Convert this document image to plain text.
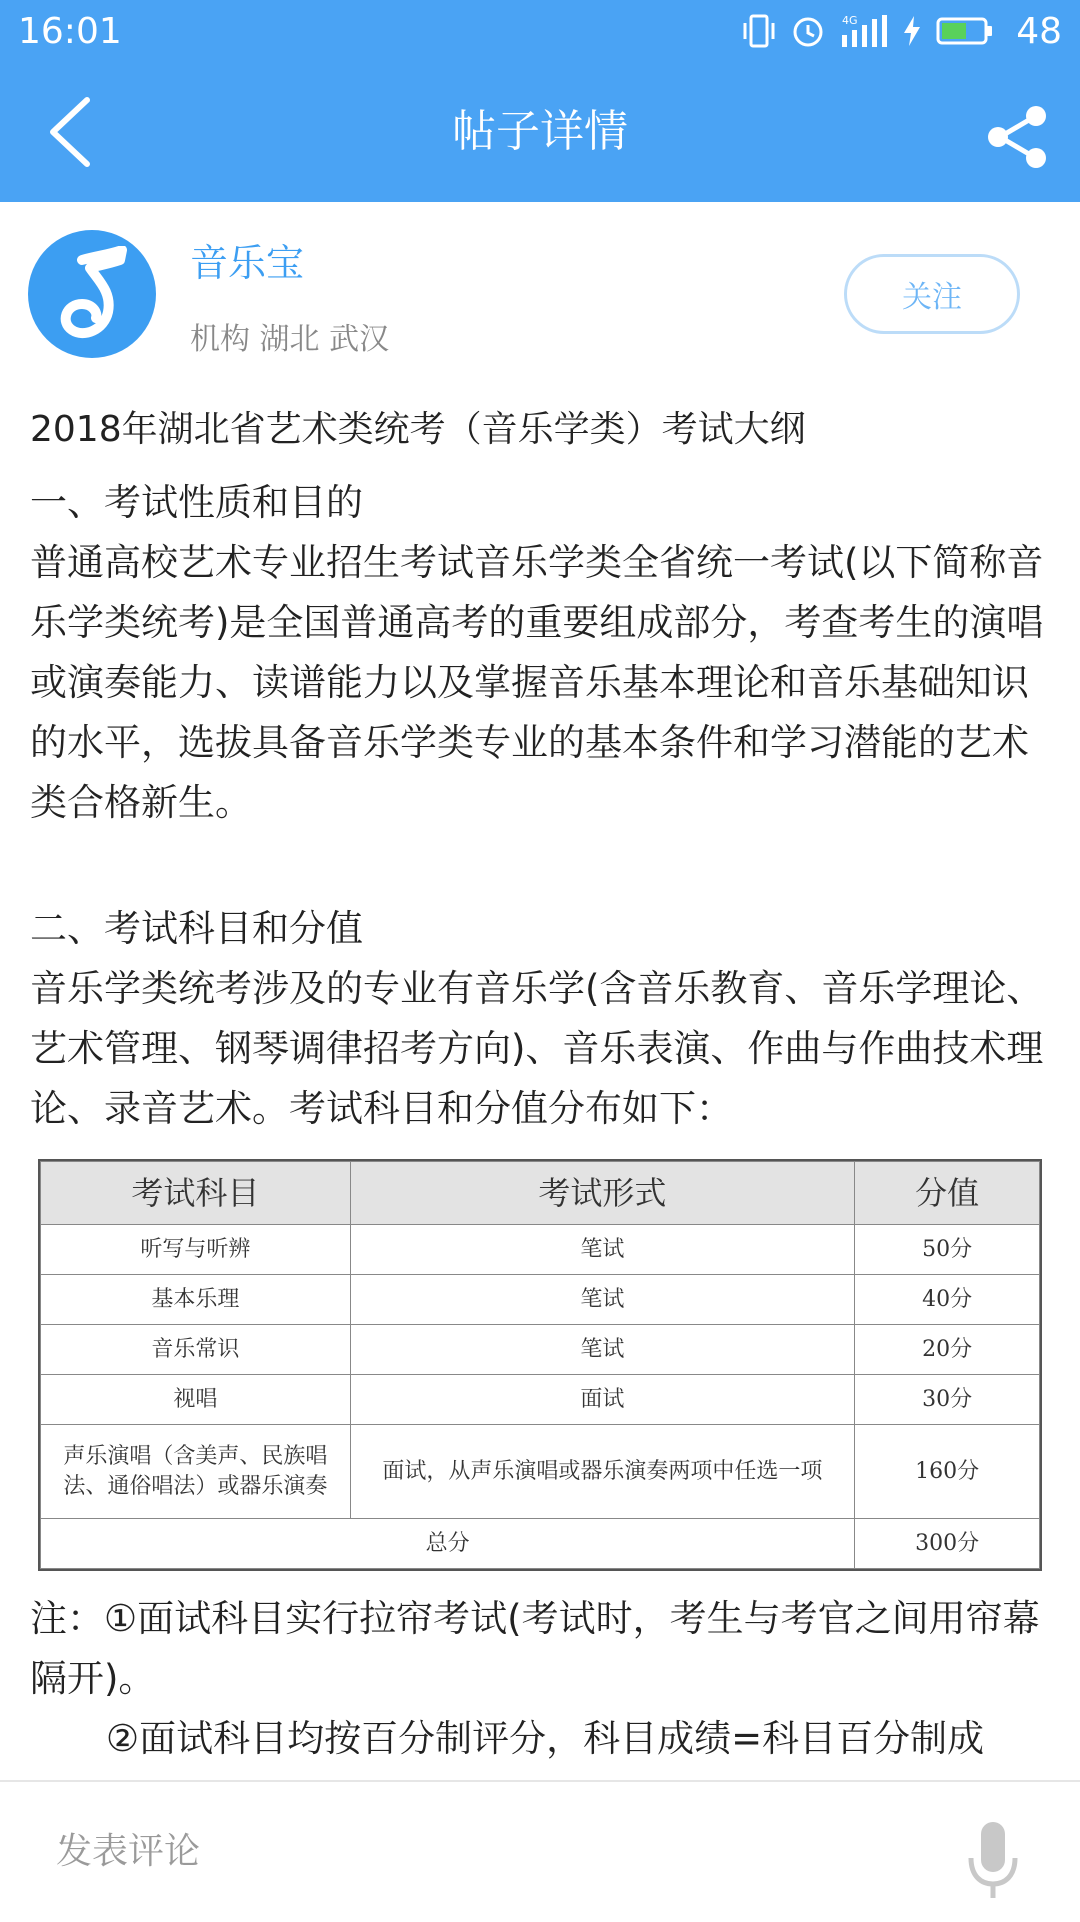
16:01	4G	48
帖子详情
音乐宝
机构 湖北 武汉
关注
2018年湖北省艺术类统考（音乐学类）考试大纲

一、考试性质和目的

普通高校艺术专业招生考试音乐学类全省统一考试(以下简称音乐学类统考)是全国普通高考的重要组成部分，考查考生的演唱或演奏能力、读谱能力以及掌握音乐基本理论和音乐基础知识的水平，选拔具备音乐学类专业的基本条件和学习潜能的艺术类合格新生。

二、考试科目和分值

音乐学类统考涉及的专业有音乐学(含音乐教育、音乐学理论、艺术管理、钢琴调律招考方向)、音乐表演、作曲与作曲技术理论、录音艺术。考试科目和分值分布如下：

考试科目	考试形式	分值
听写与听辨	笔试	50分
基本乐理	笔试	40分
音乐常识	笔试	20分
视唱	面试	30分
声乐演唱（含美声、民族唱法、通俗唱法）或器乐演奏	面试，从声乐演唱或器乐演奏两项中任选一项	160分
总分		300分

注：①面试科目实行拉帘考试(考试时，考生与考官之间用帘幕隔开)。

②面试科目均按百分制评分，科目成绩=科目百分制成

发表评论
